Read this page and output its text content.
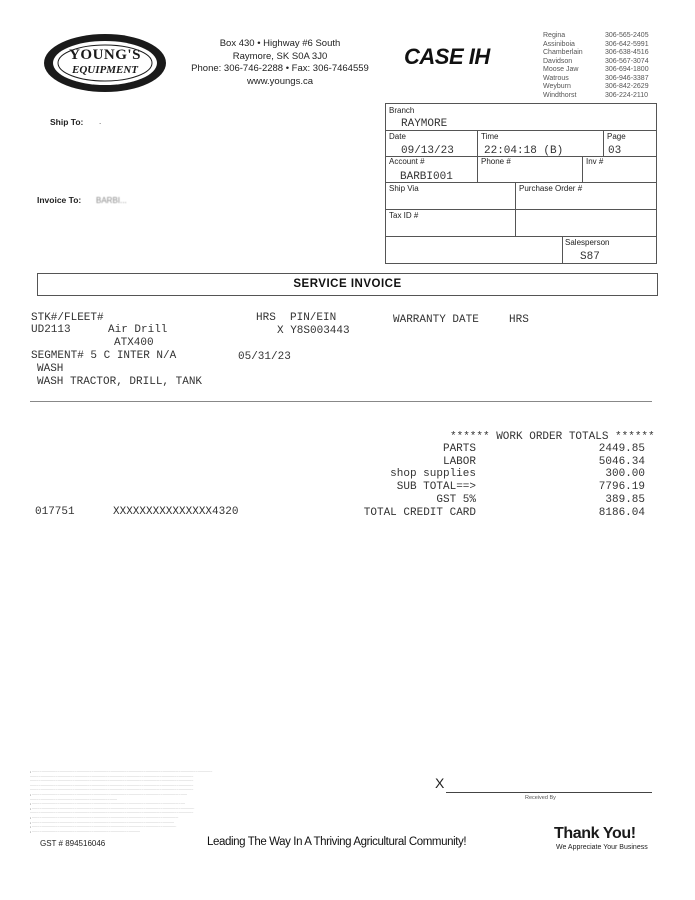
YOUNG'S
EQUIPMENT
Box 430 • Highway #6 South
Raymore, SK S0A 3J0
Phone: 306-746-2288 • Fax: 306-7464559
www.youngs.ca
CASE IH
Regina	306-565-2405
Assiniboia	306-642-5991
Chamberlain	306-638-4516
Davidson	306-567-3074
Moose Jaw	306-694-1800
Watrous	306-946-3387
Weyburn	306-842-2629
Windthorst	306-224-2110
Ship To: .
Invoice To: BARBI...
Branch
RAYMORE
Date
09/13/23
Time
22:04:18 (B)
Page
03
Account #
BARBI001
Phone #	Inv #
Ship Via	Purchase Order #
Tax ID #
Salesperson
S87
SERVICE INVOICE
STK#/FLEET#	HRS PIN/EIN	WARRANTY DATE	HRS
UD2113	Air Drill	X Y8S003443
ATX400
SEGMENT# 5 C INTER N/A	05/31/23
WASH
WASH TRACTOR, DRILL, TANK
****** WORK ORDER TOTALS ******
PARTS	2449.85
LABOR	5046.34
shop supplies	300.00
SUB TOTAL==>	7796.19
GST 5%	389.85
TOTAL CREDIT CARD	8186.04
017751	XXXXXXXXXXXXXXX4320
▪ ··········································································································································································
··························································································································································
··························································································································································
··························································································································································
··························································································································································
▪ ··················································································································································
··················································································
▪ ················································································································································
▪ ·························································································································································
··························································································································································
▪ ··········································································································································
▪ ······································································································································
▪ ········································································································································
▪ ······································································································
X
Received By
GST # 894516046	Leading The Way In A Thriving Agricultural Community!	Thank You!
We Appreciate Your Business
